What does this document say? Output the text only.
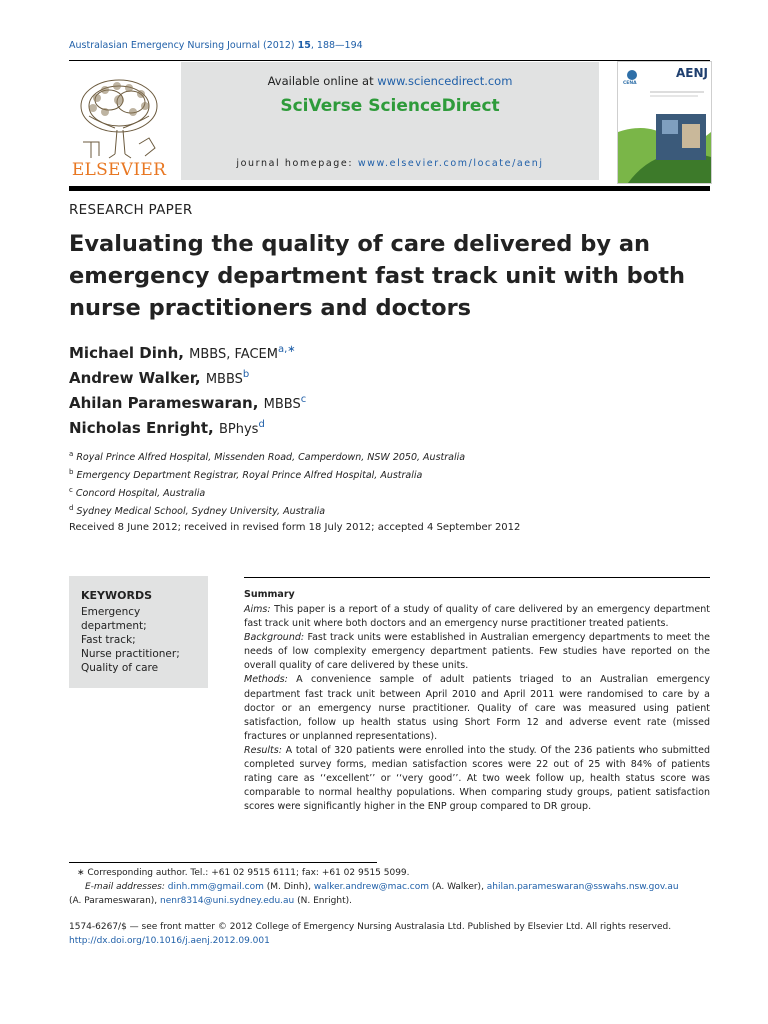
Australasian Emergency Nursing Journal (2012) 15, 188—194
ELSEVIER
Available online at www.sciencedirect.com
SciVerse ScienceDirect
journal homepage: www.elsevier.com/locate/aenj
AENJ
CENA
RESEARCH PAPER
Evaluating the quality of care delivered by an emergency department fast track unit with both nurse practitioners and doctors
Michael Dinh, MBBS, $FACEM^{a,∗}$
Andrew Walker, MBBS$^b$
Ahilan Parameswaran, MBBS$^c$
Nicholas Enright, BPhys$^d$
$^a$ Royal Prince Alfred Hospital, Missenden Road, Camperdown, NSW 2050, Australia
$^b$ Emergency Department Registrar, Royal Prince Alfred Hospital, Australia
$^c$ Concord Hospital, Australia
$^d$ Sydney Medical School, Sydney University, Australia
Received 8 June 2012; received in revised form 18 July 2012; accepted 4 September 2012
KEYWORDS
Emergency
department;
Fast track;
Nurse practitioner;
Quality of care
Summary
Aims: This paper is a report of a study of quality of care delivered by an emergency department fast track unit where both doctors and an emergency nurse practitioner treated patients.
Background: Fast track units were established in Australian emergency departments to meet the needs of low complexity emergency department patients. Few studies have reported on the overall quality of care delivered by these units.
Methods: A convenience sample of adult patients triaged to an Australian emergency department fast track unit between April 2010 and April 2011 were randomised to care by a doctor or an emergency nurse practitioner. Quality of care was measured using patient satisfaction, follow up health status using Short Form 12 and adverse event rate (missed fractures or unplanned representations).
Results: A total of 320 patients were enrolled into the study. Of the 236 patients who submitted completed survey forms, median satisfaction scores were 22 out of 25 with 84% of patients rating care as ‘‘excellent’’ or ‘‘very good’’. At two week follow up, health status score was comparable to normal healthy populations. When comparing study groups, patient satisfaction scores were significantly higher in the ENP group compared to DR group.
∗ Corresponding author. Tel.: +61 02 9515 6111; fax: +61 02 9515 5099.
E-mail addresses: dinh.mm@gmail.com (M. Dinh), walker.andrew@mac.com (A. Walker), ahilan.parameswaran@sswahs.nsw.gov.au
(A. Parameswaran), nenr8314@uni.sydney.edu.au (N. Enright).
1574-6267/$ — see front matter © 2012 College of Emergency Nursing Australasia Ltd. Published by Elsevier Ltd. All rights reserved.
http://dx.doi.org/10.1016/j.aenj.2012.09.001
